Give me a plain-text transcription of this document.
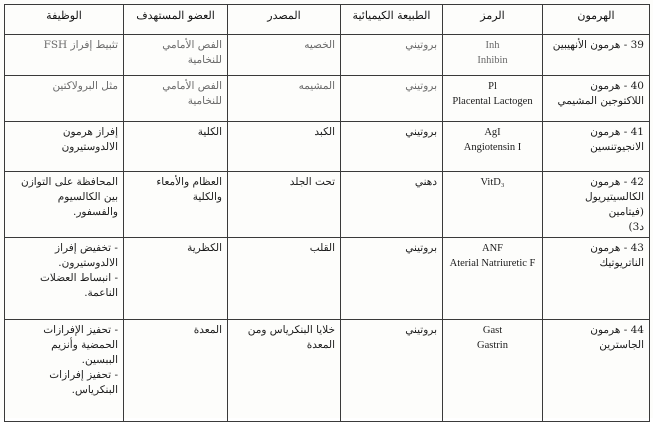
الهرمون	الرمز	الطبيعة الكيميائية	المصدر	العضو المستهدف	الوظيفة

39 - هرمون الأنهيبين	Inh
Inhibin	بروتيني	الخصيه	الفص الأمامي
للنخامية	تثبيط إفراز FSH

40 - هرمون
اللاكتوجين المشيمي	Pl
Placental Lactogen	بروتيني	المشيمه	الفص الأمامي
للنخامية	مثل البرولاكتين

41 - هرمون
الانجيوتنسين	AgI
Angiotensin I	بروتيني	الكبد	الكلية	إفراز هرمون
الالدوستيرون

42 - هرمون
الكالسيتيريول (فيتامين
د3)	VitD₃	دهني	تحت الجلد	العظام والأمعاء
والكلية	المحافظة على التوازن
بين الكالسيوم
والفسفور.

43 - هرمون
الناتريوتيك	ANF
Aterial Natriuretic F	بروتيني	القلب	الكظرية	- تخفيض إفراز
الالدوستيرون.
- انبساط العضلات
الناعمة.

44 - هرمون
الجاسترين	Gast
Gastrin	بروتيني	خلايا البنكرياس ومن
المعدة	المعدة	- تحفيز الإفرازات
الحمضية وأنزيم
الببسين.
- تحفيز إفرازات
البنكرياس.
